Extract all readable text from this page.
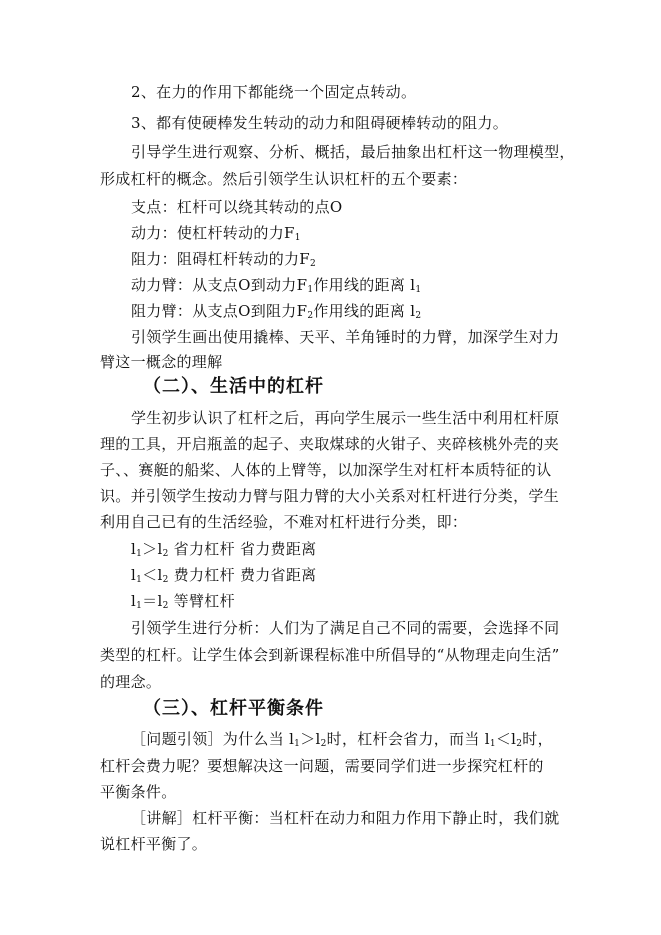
2、在力的作用下都能绕一个固定点转动。
3、都有使硬棒发生转动的动力和阻碍硬棒转动的阻力。
引导学生进行观察、分析、概括，最后抽象出杠杆这一物理模型，
形成杠杆的概念。然后引领学生认识杠杆的五个要素：
支点：杠杆可以绕其转动的点O
动力：使杠杆转动的力$F_1$
阻力：阻碍杠杆转动的力$F_2$
动力臂：从支点O到动力$F_1$作用线的距离 $l_1$
阻力臂：从支点O到阻力$F_2$作用线的距离 $l_2$
引领学生画出使用撬棒、天平、羊角锤时的力臂，加深学生对力
臂这一概念的理解
（二）、生活中的杠杆
学生初步认识了杠杆之后，再向学生展示一些生活中利用杠杆原
理的工具，开启瓶盖的起子、夹取煤球的火钳子、夹碎核桃外壳的夹
子、、赛艇的船桨、人体的上臂等，以加深学生对杠杆本质特征的认
识。并引领学生按动力臂与阻力臂的大小关系对杠杆进行分类，学生
利用自己已有的生活经验，不难对杠杆进行分类，即：
$l_1>l_2$ 省力杠杆 省力费距离
$l_1<l_2$ 费力杠杆 费力省距离
$l_1=l_2$ 等臂杠杆
引领学生进行分析：人们为了满足自己不同的需要，会选择不同
类型的杠杆。让学生体会到新课程标准中所倡导的“从物理走向生活”
的理念。
（三）、杠杆平衡条件
［问题引领］为什么当 $l_1>l_2$时，杠杆会省力，而当 $l_1<l_2$时，
杠杆会费力呢？要想解决这一问题，需要同学们进一步探究杠杆的
平衡条件。
［讲解］杠杆平衡：当杠杆在动力和阻力作用下静止时，我们就
说杠杆平衡了。
